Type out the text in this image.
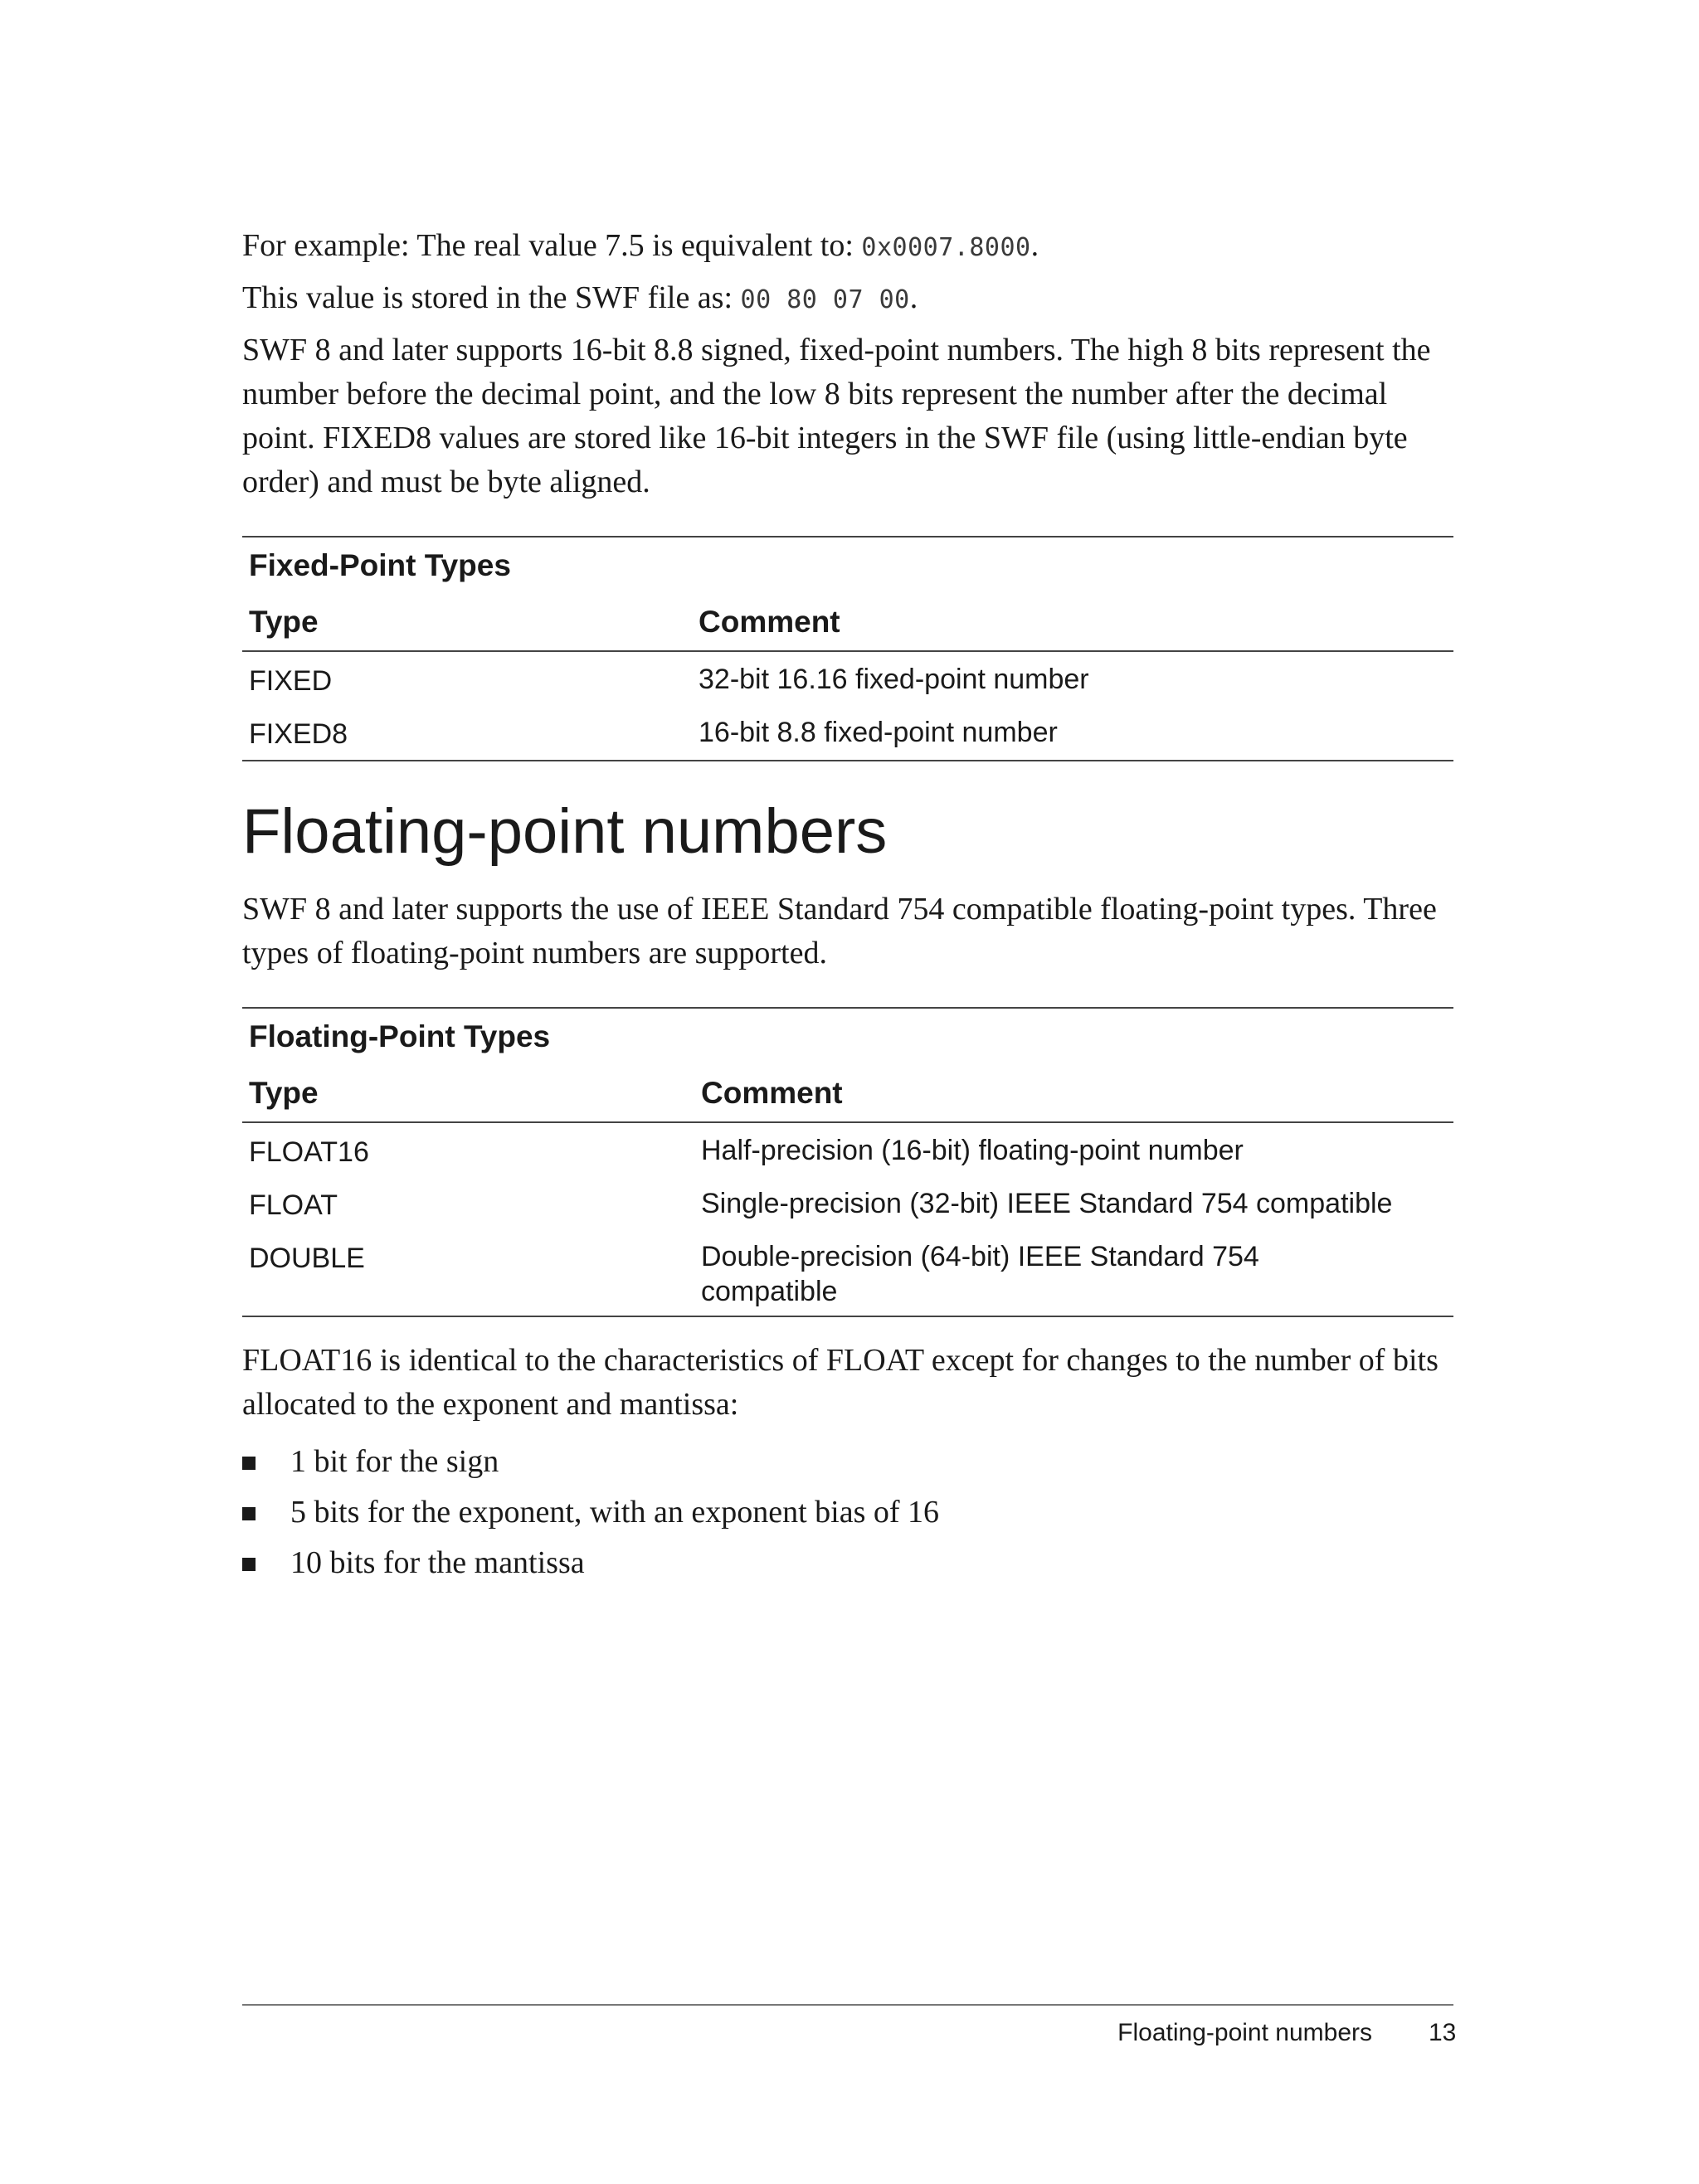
For example: The real value 7.5 is equivalent to: 0x0007.8000.

This value is stored in the SWF file as: 00 80 07 00.

SWF 8 and later supports 16-bit 8.8 signed, fixed-point numbers. The high 8 bits represent the number before the decimal point, and the low 8 bits represent the number after the decimal point. FIXED8 values are stored like 16-bit integers in the SWF file (using little-endian byte order) and must be byte aligned.

Fixed-Point Types
Type	Comment
FIXED	32-bit 16.16 fixed-point number
FIXED8	16-bit 8.8 fixed-point number
Floating-point numbers

SWF 8 and later supports the use of IEEE Standard 754 compatible floating-point types. Three types of floating-point numbers are supported.

Floating-Point Types
Type	Comment
FLOAT16	Half-precision (16-bit) floating-point number
FLOAT	Single-precision (32-bit) IEEE Standard 754 compatible
DOUBLE	Double-precision (64-bit) IEEE Standard 754 compatible

FLOAT16 is identical to the characteristics of FLOAT except for changes to the number of bits allocated to the exponent and mantissa:

1 bit for the sign
5 bits for the exponent, with an exponent bias of 16
10 bits for the mantissa
Floating-point numbers 13
